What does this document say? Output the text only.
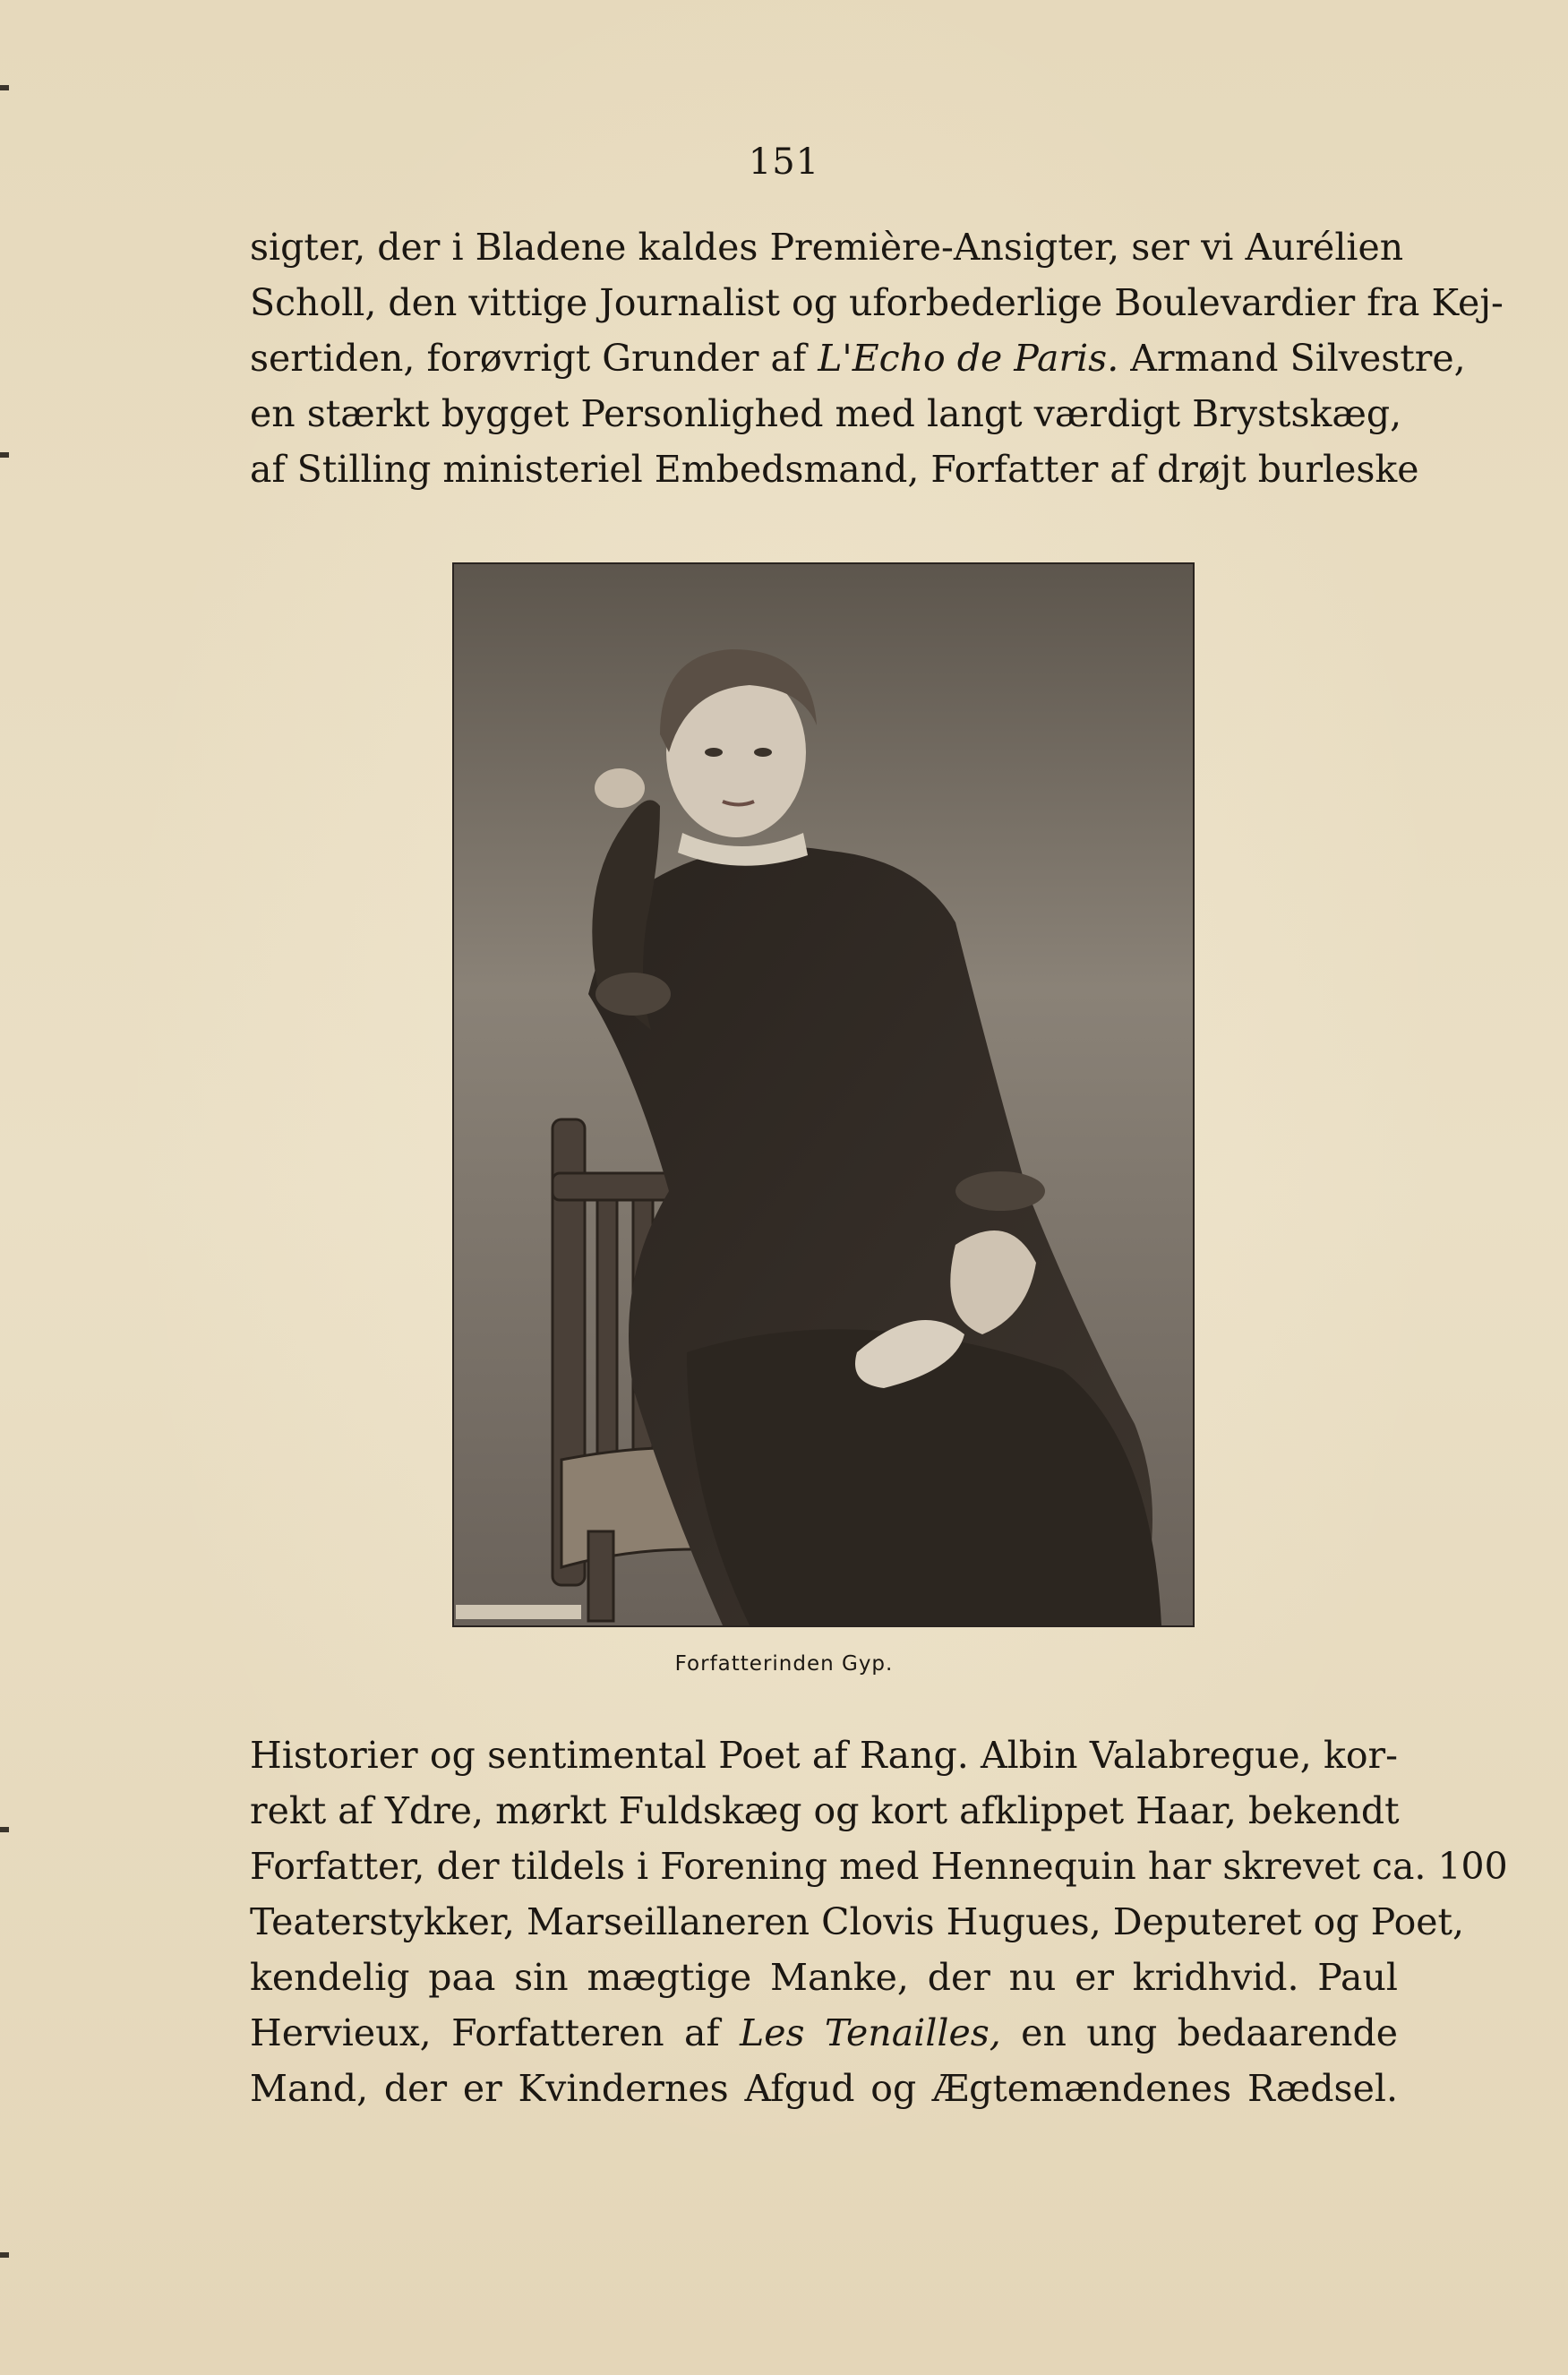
151
sigter, der i Bladene kaldes Première-Ansigter, ser vi Aurélien
Scholl, den vittige Journalist og uforbederlige Boulevardier fra Kej-
sertiden, forøvrigt Grunder af L'Echo de Paris. Armand Silvestre,
en stærkt bygget Personlighed med langt værdigt Brystskæg,
af Stilling ministeriel Embedsmand, Forfatter af drøjt burleske
Forfatterinden Gyp.
Historier og sentimental Poet af Rang. Albin Valabregue, kor-
rekt af Ydre, mørkt Fuldskæg og kort afklippet Haar, bekendt
Forfatter, der tildels i Forening med Hennequin har skrevet ca. 100
Teaterstykker, Marseillaneren Clovis Hugues, Deputeret og Poet,
kendelig paa sin mægtige Manke, der nu er kridhvid. Paul
Hervieux, Forfatteren af Les Tenailles, en ung bedaarende
Mand, der er Kvindernes Afgud og Ægtemændenes Rædsel.
